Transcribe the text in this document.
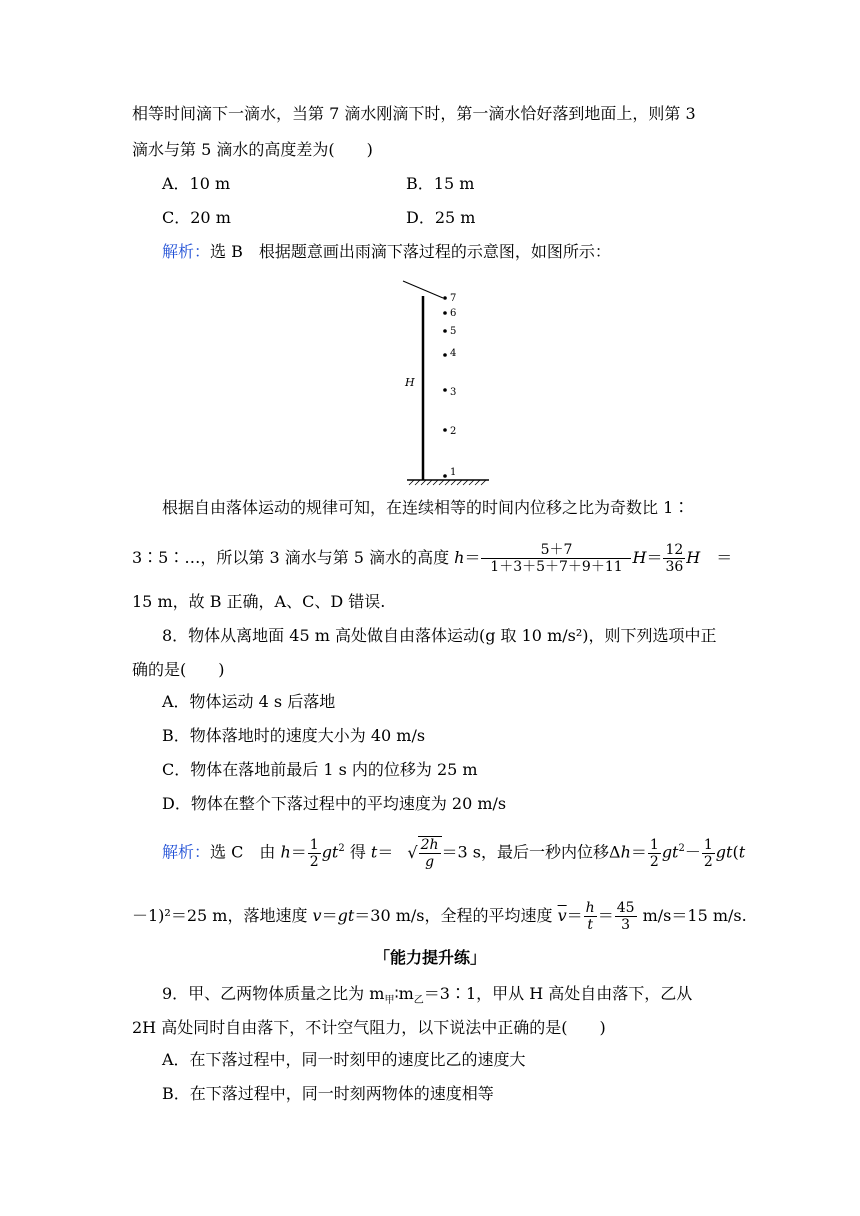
相等时间滴下一滴水，当第 7 滴水刚滴下时，第一滴水恰好落到地面上，则第 3
滴水与第 5 滴水的高度差为(　　)
A．10 m	B．15 m
C．20 m	D．25 m
解析：选 B　根据题意画出雨滴下落过程的示意图，如图所示：
H
7
6
5
4
3
2
1
根据自由落体运动的规律可知，在连续相等的时间内位移之比为奇数比 1∶
3∶5∶…，所以第 3 滴水与第 5 滴水的高度 $h= \frac{5+7}{1+3+5+7+9+11} H= \frac{12}{36}$ H　 ＝
15 m，故 B 正确，A、C、D 错误.
8．物体从离地面 45 m 高处做自由落体运动(g 取 10 m/s²)，则下列选项中正
确的是(　　)
A．物体运动 4 s 后落地
B．物体落地时的速度大小为 40 m/s
C．物体在落地前最后 1 s 内的位移为 25 m
D．物体在整个下落过程中的平均速度为 20 m/s
解析：选 C　由 $h= \frac{1}{2} gt^2$ 得 t＝ √ $\frac{2h}{g} =3$ s，最后一秒内位移$\Delta h= \frac{1}{2} gt^2- \frac{1}{2} gt(t$
－1)²＝25 m，落地速度 v＝gt＝30 m/s，全程的平均速度 $\overline{v}= \frac{h}{t} = \frac{45}{3} m/s=15$ m/s.
「能力提升练」
9．甲、乙两物体质量之比为 $m_甲∶m_乙=3∶1$，甲从 H 高处自由落下，乙从
2H 高处同时自由落下，不计空气阻力，以下说法中正确的是(　　)
A．在下落过程中，同一时刻甲的速度比乙的速度大
B．在下落过程中，同一时刻两物体的速度相等
